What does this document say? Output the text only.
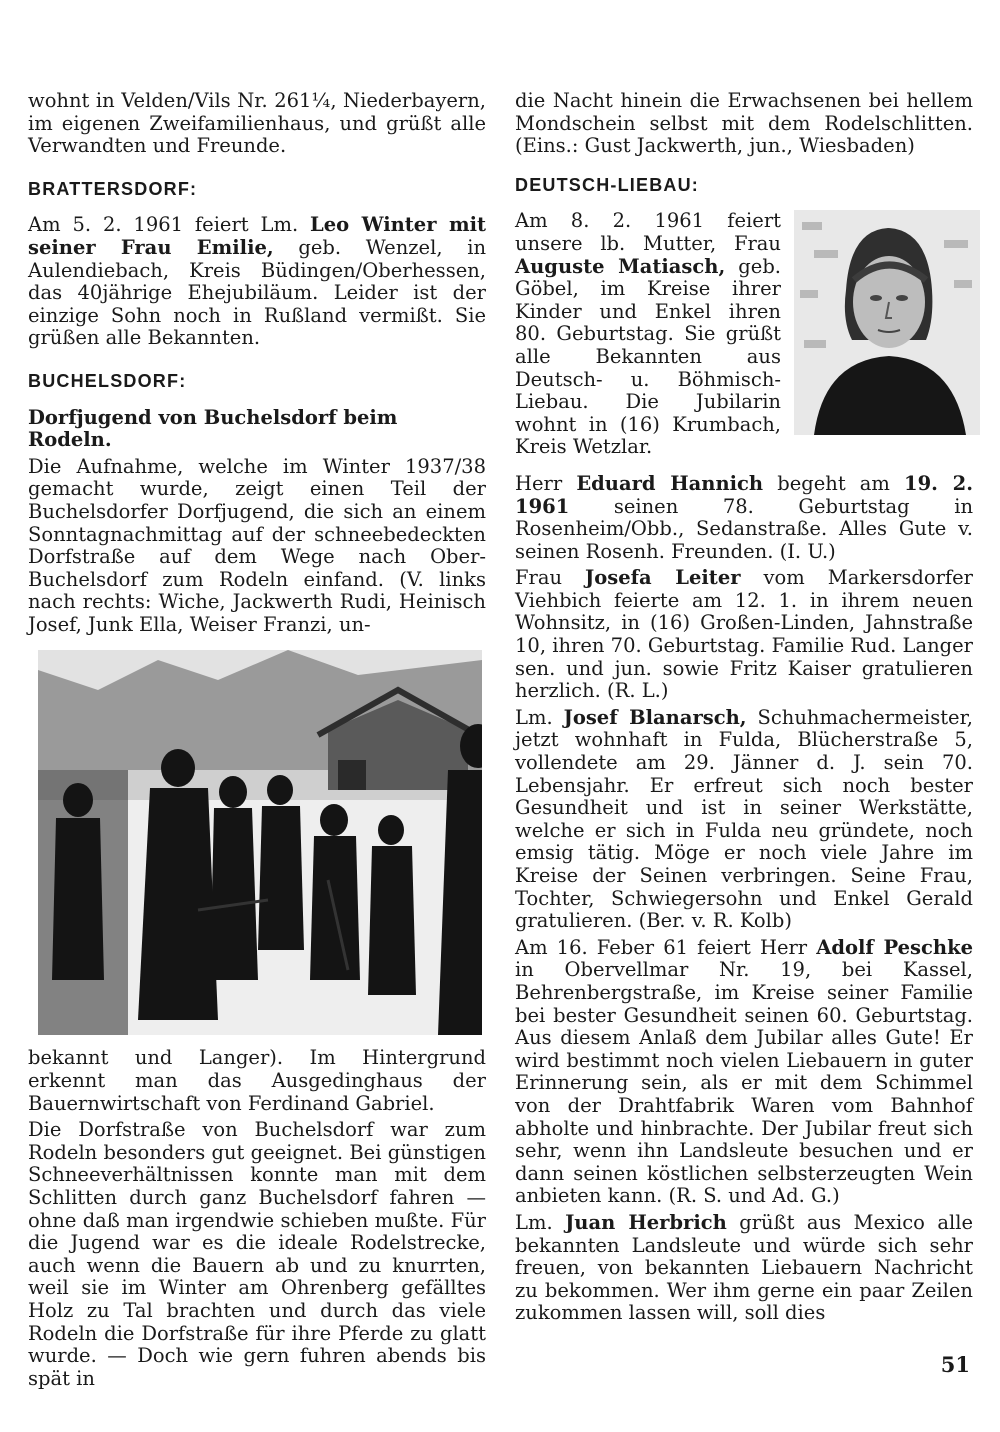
wohnt in Velden/Vils Nr. 261¼, Niederbayern, im eigenen Zweifamilienhaus, und grüßt alle Verwandten und Freunde.

BRATTERSDORF:

Am 5. 2. 1961 feiert Lm. Leo Winter mit seiner Frau Emilie, geb. Wenzel, in Aulendiebach, Kreis Büdingen/Oberhessen, das 40jährige Ehejubiläum. Leider ist der einzige Sohn noch in Rußland vermißt. Sie grüßen alle Bekannten.

BUCHELSDORF:

Dorfjugend von Buchelsdorf beim Rodeln.

Die Aufnahme, welche im Winter 1937/38 gemacht wurde, zeigt einen Teil der Buchelsdorfer Dorfjugend, die sich an einem Sonntagnachmittag auf der schneebedeckten Dorfstraße auf dem Wege nach Ober-Buchelsdorf zum Rodeln einfand. (V. links nach rechts: Wiche, Jackwerth Rudi, Heinisch Josef, Junk Ella, Weiser Franzi, un-

bekannt und Langer). Im Hintergrund erkennt man das Ausgedinghaus der Bauernwirtschaft von Ferdinand Gabriel.

Die Dorfstraße von Buchelsdorf war zum Rodeln besonders gut geeignet. Bei günstigen Schneeverhältnissen konnte man mit dem Schlitten durch ganz Buchelsdorf fahren — ohne daß man irgendwie schieben mußte. Für die Jugend war es die ideale Rodelstrecke, auch wenn die Bauern ab und zu knurrten, weil sie im Winter am Ohrenberg gefälltes Holz zu Tal brachten und durch das viele Rodeln die Dorfstraße für ihre Pferde zu glatt wurde. — Doch wie gern fuhren abends bis spät in

die Nacht hinein die Erwachsenen bei hellem Mondschein selbst mit dem Rodelschlitten. (Eins.: Gust Jackwerth, jun., Wiesbaden)

DEUTSCH-LIEBAU:
Am 8. 2. 1961 feiert unsere lb. Mutter, Frau Auguste Matiasch, geb. Göbel, im Kreise ihrer Kinder und Enkel ihren 80. Geburtstag. Sie grüßt alle Bekannten aus Deutsch- u. Böhmisch-Liebau. Die Jubilarin wohnt in (16) Krumbach, Kreis Wetzlar.

Herr Eduard Hannich begeht am 19. 2. 1961 seinen 78. Geburtstag in Rosenheim/Obb., Sedanstraße. Alles Gute v. seinen Rosenh. Freunden. (I. U.)

Frau Josefa Leiter vom Markersdorfer Viehbich feierte am 12. 1. in ihrem neuen Wohnsitz, in (16) Großen-Linden, Jahnstraße 10, ihren 70. Geburtstag. Familie Rud. Langer sen. und jun. sowie Fritz Kaiser gratulieren herzlich. (R. L.)

Lm. Josef Blanarsch, Schuhmachermeister, jetzt wohnhaft in Fulda, Blücherstraße 5, vollendete am 29. Jänner d. J. sein 70. Lebensjahr. Er erfreut sich noch bester Gesundheit und ist in seiner Werkstätte, welche er sich in Fulda neu gründete, noch emsig tätig. Möge er noch viele Jahre im Kreise der Seinen verbringen. Seine Frau, Tochter, Schwiegersohn und Enkel Gerald gratulieren. (Ber. v. R. Kolb)

Am 16. Feber 61 feiert Herr Adolf Peschke in Obervellmar Nr. 19, bei Kassel, Behrenbergstraße, im Kreise seiner Familie bei bester Gesundheit seinen 60. Geburtstag. Aus diesem Anlaß dem Jubilar alles Gute! Er wird bestimmt noch vielen Liebauern in guter Erinnerung sein, als er mit dem Schimmel von der Drahtfabrik Waren vom Bahnhof abholte und hinbrachte. Der Jubilar freut sich sehr, wenn ihn Landsleute besuchen und er dann seinen köstlichen selbsterzeugten Wein anbieten kann. (R. S. und Ad. G.)

Lm. Juan Herbrich grüßt aus Mexico alle bekannten Landsleute und würde sich sehr freuen, von bekannten Liebauern Nachricht zu bekommen. Wer ihm gerne ein paar Zeilen zukommen lassen will, soll dies

51
